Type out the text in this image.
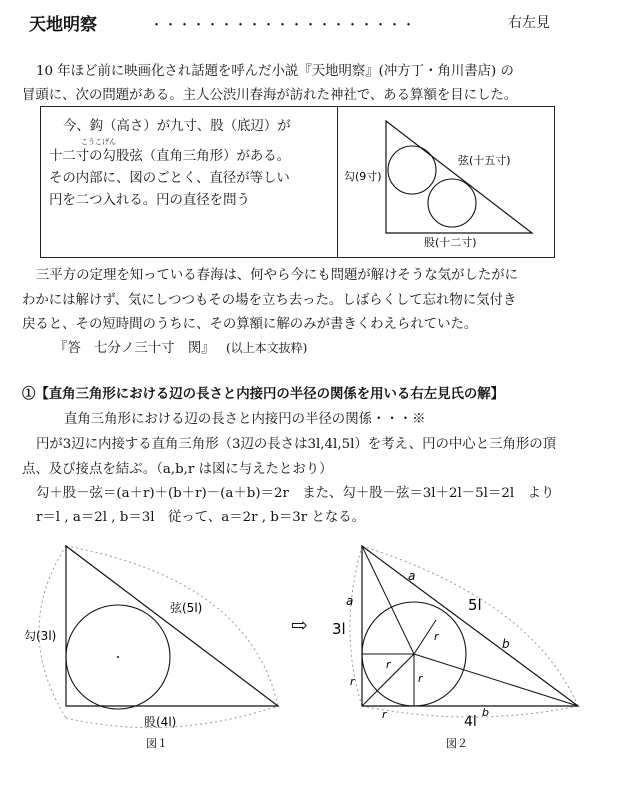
天地明察	・・・・・・・・・・・・・・・・・・・	右左見
10 年ほど前に映画化され話題を呼んだ小説『天地明察』(冲方丁・角川書店) の
冒頭に、次の問題がある。主人公渋川春海が訪れた神社で、ある算額を目にした。
今、鈎（高さ）が九寸、股（底辺）が
こうこげん
十二寸の勾股弦（直角三角形）がある。
その内部に、図のごとく、直径が等しい
円を二つ入れる。円の直径を問う
勾(9寸)
弦(十五寸)
股(十二寸)
三平方の定理を知っている春海は、何やら今にも問題が解けそうな気がしたがに
わかには解けず、気にしつつもその場を立ち去った。しばらくして忘れ物に気付き
戻ると、その短時間のうちに、その算額に解のみが書きくわえられていた。
『答　七分ノ三十寸　関』 (以上本文抜粋)
①【直角三角形における辺の長さと内接円の半径の関係を用いる右左見氏の解】
直角三角形における辺の長さと内接円の半径の関係・・・※
円が3辺に内接する直角三角形（3辺の長さは3l,4l,5l）を考え、円の中心と三角形の頂
点、及び接点を結ぶ。（a,b,r は図に与えたとおり）
勾＋股－弦＝(a＋r)＋(b＋r)－(a＋b)＝2r　また、勾＋股－弦＝3l＋2l－5l＝2l　より
r＝l , a＝2l , b＝3l　従って、a＝2r , b＝3r となる。
勾(3l)
弦(5l)
股(4l)
図１
⇨
a
a
3l
5l
b
r
r
r
r
r	4l
b
図２
